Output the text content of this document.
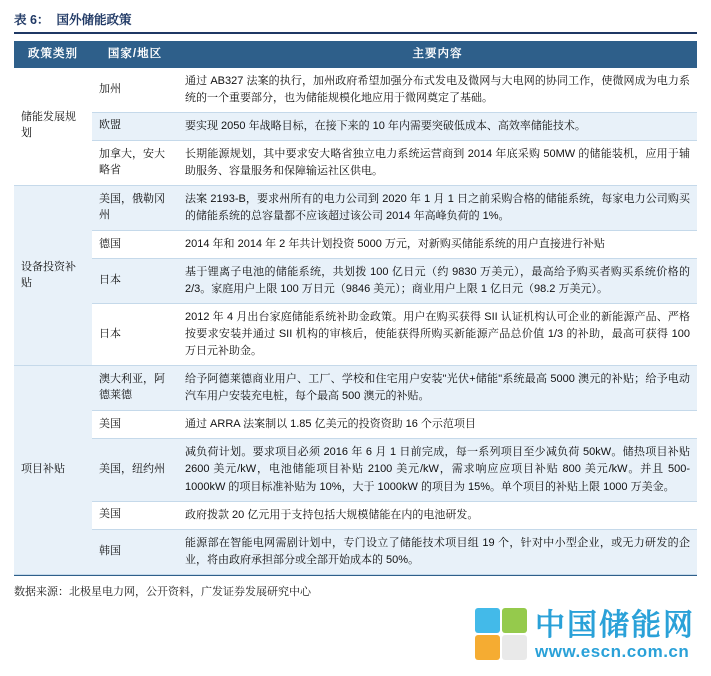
表 6： 国外储能政策
政策类别	国家/地区	主要内容
储能发展规划	加州	通过 AB327 法案的执行，加州政府希望加强分布式发电及微网与大电网的协同工作，使微网成为电力系统的一个重要部分，也为储能规模化地应用于微网奠定了基础。
	欧盟	要实现 2050 年战略目标，在接下来的 10 年内需要突破低成本、高效率储能技术。
	加拿大，安大略省	长期能源规划，其中要求安大略省独立电力系统运营商到 2014 年底采购 50MW 的储能装机，应用于辅助服务、容量服务和保障输运社区供电。
设备投资补贴	美国，俄勒冈州	法案 2193-B，要求州所有的电力公司到 2020 年 1 月 1 日之前采购合格的储能系统，每家电力公司购买的储能系统的总容量都不应该超过该公司 2014 年高峰负荷的 1%。
	德国	2014 年和 2014 年 2 年共计划投资 5000 万元，对新购买储能系统的用户直接进行补贴
	日本	基于锂离子电池的储能系统，共划拨 100 亿日元（约 9830 万美元），最高给予购买者购买系统价格的 2/3。家庭用户上限 100 万日元（9846 美元）；商业用户上限 1 亿日元（98.2 万美元）。
	日本	2012 年 4 月出台家庭储能系统补助金政策。用户在购买获得 SII 认证机构认可企业的新能源产品、严格按要求安装并通过 SII 机构的审核后，使能获得所购买新能源产品总价值 1/3 的补助，最高可获得 100 万日元补助金。
项目补贴	澳大利亚，阿德莱德	给予阿德莱德商业用户、工厂、学校和住宅用户安装"光伏+储能"系统最高 5000 澳元的补贴；给予电动汽车用户安装充电桩，每个最高 500 澳元的补贴。
	美国	通过 ARRA 法案制以 1.85 亿美元的投资资助 16 个示范项目
	美国，纽约州	减负荷计划。要求项目必须 2016 年 6 月 1 日前完成，每一系列项目至少减负荷 50kW。储热项目补贴 2600 美元/kW，电池储能项目补贴 2100 美元/kW，需求响应应项目补贴 800 美元/kW。并且 500-1000kW 的项目标准补贴为 10%，大于 1000kW 的项目为 15%。单个项目的补贴上限 1000 万美金。
	美国	政府拨款 20 亿元用于支持包括大规模储能在内的电池研发。
	韩国	能源部在智能电网需剧计划中，专门设立了储能技术项目组 19 个，针对中小型企业，或无力研发的企业，将由政府承担部分或全部开始成本的 50%。
数据来源：北极星电力网，公开资料，广发证券发展研究中心
中国储能网
www.escn.com.cn
